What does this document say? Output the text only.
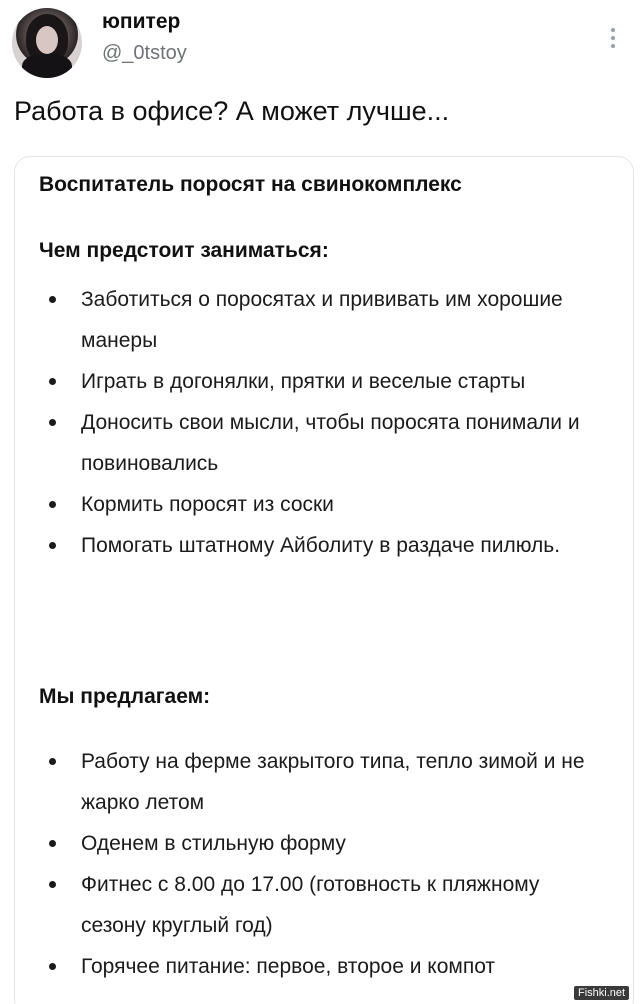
юпитер
@_0tstoy
Работа в офисе? А может лучше...
Воспитатель поросят на свинокомплекс
Чем предстоит заниматься:
Заботиться о поросятах и прививать им хорошие манеры
Играть в догонялки, прятки и веселые старты
Доносить свои мысли, чтобы поросята понимали и повиновались
Кормить поросят из соски
Помогать штатному Айболиту в раздаче пилюль.
Мы предлагаем:
Работу на ферме закрытого типа, тепло зимой и не жарко летом
Оденем в стильную форму
Фитнес с 8.00 до 17.00 (готовность к пляжному сезону круглый год)
Горячее питание: первое, второе и компот
Fishki.net
